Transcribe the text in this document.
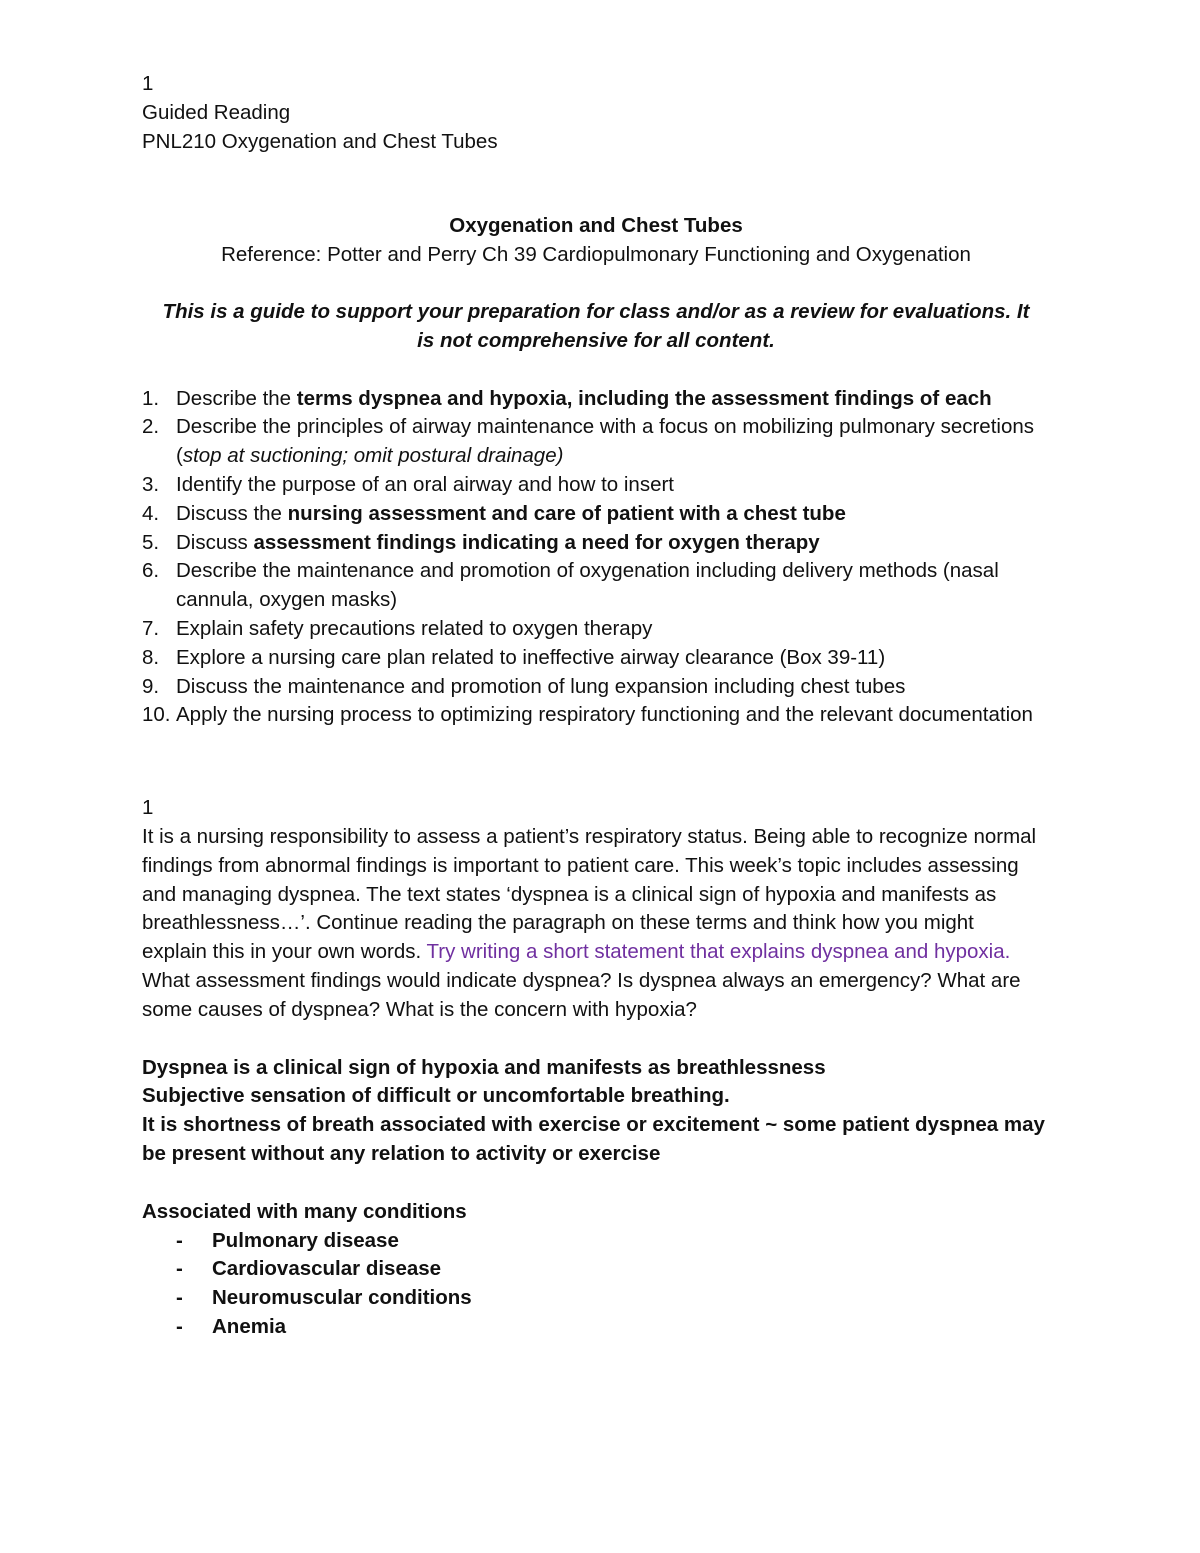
1
Guided Reading
PNL210 Oxygenation and Chest Tubes
Oxygenation and Chest Tubes
Reference: Potter and Perry Ch 39 Cardiopulmonary Functioning and Oxygenation
This is a guide to support your preparation for class and/or as a review for evaluations. It is not comprehensive for all content.
1. Describe the terms dyspnea and hypoxia, including the assessment findings of each
2. Describe the principles of airway maintenance with a focus on mobilizing pulmonary secretions (stop at suctioning; omit postural drainage)
3. Identify the purpose of an oral airway and how to insert
4. Discuss the nursing assessment and care of patient with a chest tube
5. Discuss assessment findings indicating a need for oxygen therapy
6. Describe the maintenance and promotion of oxygenation including delivery methods (nasal cannula, oxygen masks)
7. Explain safety precautions related to oxygen therapy
8. Explore a nursing care plan related to ineffective airway clearance (Box 39-11)
9. Discuss the maintenance and promotion of lung expansion including chest tubes
10. Apply the nursing process to optimizing respiratory functioning and the relevant documentation
1

It is a nursing responsibility to assess a patient’s respiratory status. Being able to recognize normal findings from abnormal findings is important to patient care. This week’s topic includes assessing and managing dyspnea. The text states ‘dyspnea is a clinical sign of hypoxia and manifests as breathlessness…’. Continue reading the paragraph on these terms and think how you might explain this in your own words. Try writing a short statement that explains dyspnea and hypoxia. What assessment findings would indicate dyspnea? Is dyspnea always an emergency? What are some causes of dyspnea? What is the concern with hypoxia?

Dyspnea is a clinical sign of hypoxia and manifests as breathlessness
Subjective sensation of difficult or uncomfortable breathing.
It is shortness of breath associated with exercise or excitement ~ some patient dyspnea may be present without any relation to activity or exercise
Associated with many conditions
- Pulmonary disease
- Cardiovascular disease
- Neuromuscular conditions
- Anemia
